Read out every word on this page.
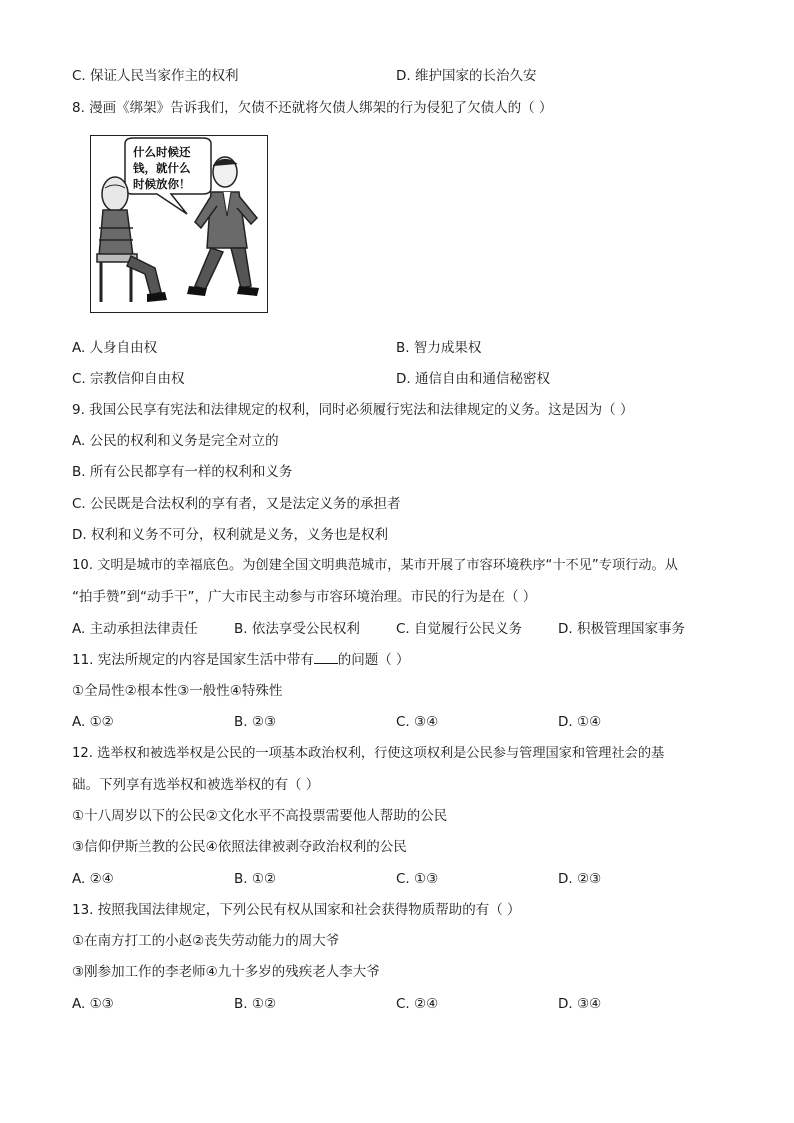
C. 保证人民当家作主的权利	D. 维护国家的长治久安
8. 漫画《绑架》告诉我们，欠债不还就将欠债人绑架的行为侵犯了欠债人的（ ）
什么时候还
钱，就什么
时候放你！
A. 人身自由权	B. 智力成果权
C. 宗教信仰自由权	D. 通信自由和通信秘密权
9. 我国公民享有宪法和法律规定的权利，同时必须履行宪法和法律规定的义务。这是因为（ ）
A. 公民的权利和义务是完全对立的
B. 所有公民都享有一样的权利和义务
C. 公民既是合法权利的享有者，又是法定义务的承担者
D. 权利和义务不可分，权利就是义务，义务也是权利
10. 文明是城市的幸福底色。为创建全国文明典范城市，某市开展了市容环境秩序“十不见”专项行动。从
“拍手赞”到“动手干”，广大市民主动参与市容环境治理。市民的行为是在（ ）
A. 主动承担法律责任	B. 依法享受公民权利	C. 自觉履行公民义务	D. 积极管理国家事务
11. 宪法所规定的内容是国家生活中带有 的问题（ ）
①全局性②根本性③一般性④特殊性
A. ①②	B. ②③	C. ③④	D. ①④
12. 选举权和被选举权是公民的一项基本政治权利，行使这项权利是公民参与管理国家和管理社会的基
础。下列享有选举权和被选举权的有（ ）
①十八周岁以下的公民②文化水平不高投票需要他人帮助的公民
③信仰伊斯兰教的公民④依照法律被剥夺政治权利的公民
A. ②④	B. ①②	C. ①③	D. ②③
13. 按照我国法律规定，下列公民有权从国家和社会获得物质帮助的有（ ）
①在南方打工的小赵②丧失劳动能力的周大爷
③刚参加工作的李老师④九十多岁的残疾老人李大爷
A. ①③	B. ①②	C. ②④	D. ③④
